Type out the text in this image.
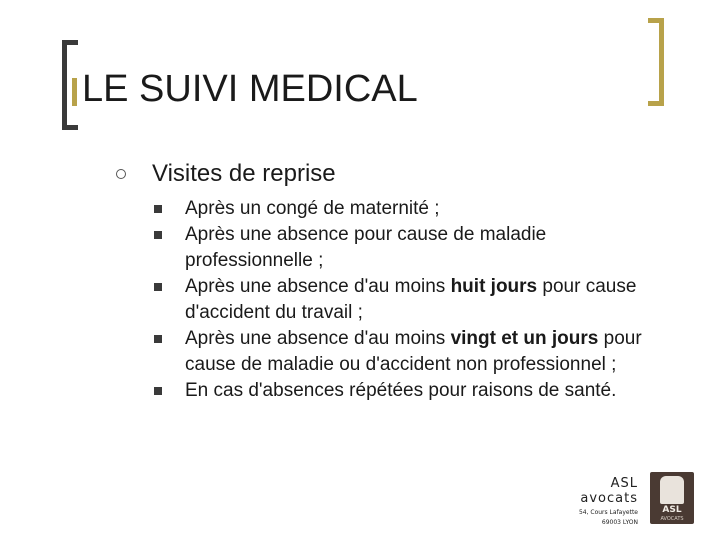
LE SUIVI MEDICAL
Visites de reprise
Après un congé de maternité ;
Après une absence pour cause de maladie professionnelle ;
Après une absence d'au moins huit jours pour cause d'accident du travail ;
Après une absence d'au moins vingt et un jours pour cause de maladie ou d'accident non professionnel ;
En cas d'absences répétées pour raisons de santé.
ASL
avocats
54, Cours Lafayette
69003 LYON
ASL
AVOCATS
